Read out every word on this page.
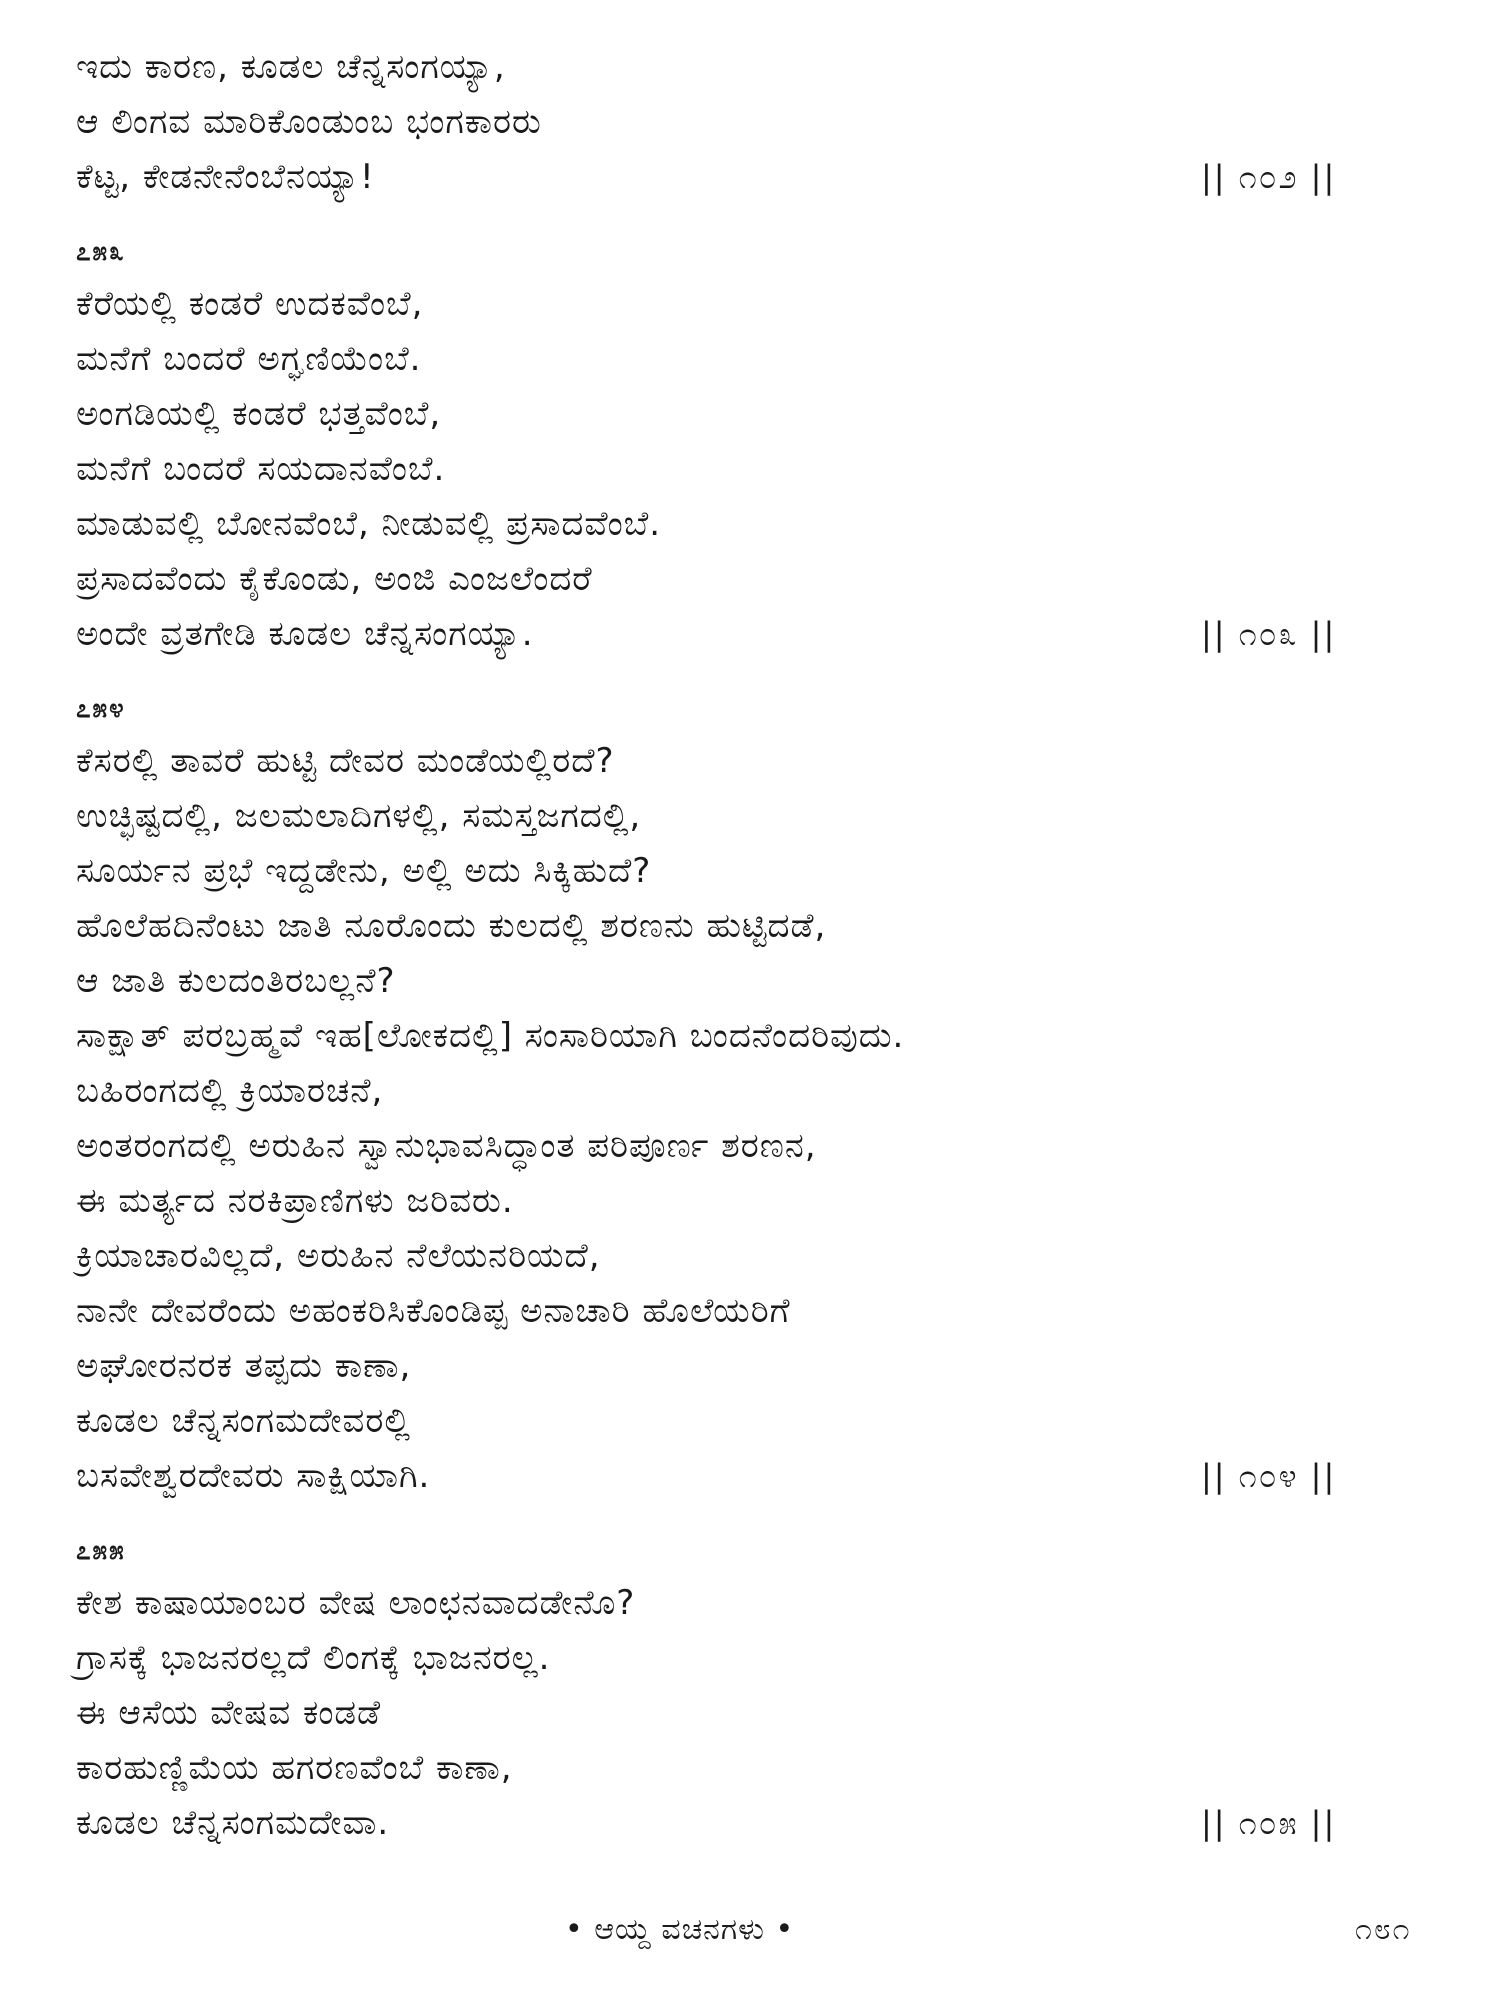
ಇದು ಕಾರಣ, ಕೂಡಲ ಚೆನ್ನಸಂಗಯ್ಯಾ,
ಆ ಲಿಂಗವ ಮಾರಿಕೊಂಡುಂಬ ಭಂಗಕಾರರು
ಕೆಟ್ಟ, ಕೇಡನೇನೆಂಬೆನಯ್ಯಾ!	|| ೧೦೨ ||
೭೫೩
ಕೆರೆಯಲ್ಲಿ ಕಂಡರೆ ಉದಕವೆಂಬೆ,
ಮನೆಗೆ ಬಂದರೆ ಅಗ್ಘಣಿಯೆಂಬೆ.
ಅಂಗಡಿಯಲ್ಲಿ ಕಂಡರೆ ಭತ್ತವೆಂಬೆ,
ಮನೆಗೆ ಬಂದರೆ ಸಯದಾನವೆಂಬೆ.
ಮಾಡುವಲ್ಲಿ ಬೋನವೆಂಬೆ, ನೀಡುವಲ್ಲಿ ಪ್ರಸಾದವೆಂಬೆ.
ಪ್ರಸಾದವೆಂದು ಕೈಕೊಂಡು, ಅಂಜಿ ಎಂಜಲೆಂದರೆ
ಅಂದೇ ವ್ರತಗೇಡಿ ಕೂಡಲ ಚೆನ್ನಸಂಗಯ್ಯಾ.	|| ೧೦೩ ||
೭೫೪
ಕೆಸರಲ್ಲಿ ತಾವರೆ ಹುಟ್ಟಿ ದೇವರ ಮಂಡೆಯಲ್ಲಿರದೆ?
ಉಚ್ಛಿಷ್ಟದಲ್ಲಿ, ಜಲಮಲಾದಿಗಳಲ್ಲಿ, ಸಮಸ್ತಜಗದಲ್ಲಿ,
ಸೂರ್ಯನ ಪ್ರಭೆ ಇದ್ದಡೇನು, ಅಲ್ಲಿ ಅದು ಸಿಕ್ಕಿಹುದೆ?
ಹೊಲೆಹದಿನೆಂಟು ಜಾತಿ ನೂರೊಂದು ಕುಲದಲ್ಲಿ ಶರಣನು ಹುಟ್ಟಿದಡೆ,
ಆ ಜಾತಿ ಕುಲದಂತಿರಬಲ್ಲನೆ?
ಸಾಕ್ಷಾತ್ ಪರಬ್ರಹ್ಮವೆ ಇಹ[ಲೋಕದಲ್ಲಿ] ಸಂಸಾರಿಯಾಗಿ ಬಂದನೆಂದರಿವುದು.
ಬಹಿರಂಗದಲ್ಲಿ ಕ್ರಿಯಾರಚನೆ,
ಅಂತರಂಗದಲ್ಲಿ ಅರುಹಿನ ಸ್ವಾನುಭಾವಸಿದ್ಧಾಂತ ಪರಿಪೂರ್ಣ ಶರಣನ,
ಈ ಮರ್ತ್ಯದ ನರಕಿಪ್ರಾಣಿಗಳು ಜರಿವರು.
ಕ್ರಿಯಾಚಾರವಿಲ್ಲದೆ, ಅರುಹಿನ ನೆಲೆಯನರಿಯದೆ,
ನಾನೇ ದೇವರೆಂದು ಅಹಂಕರಿಸಿಕೊಂಡಿಪ್ಪ ಅನಾಚಾರಿ ಹೊಲೆಯರಿಗೆ
ಅಘೋರನರಕ ತಪ್ಪದು ಕಾಣಾ,
ಕೂಡಲ ಚೆನ್ನಸಂಗಮದೇವರಲ್ಲಿ
ಬಸವೇಶ್ವರದೇವರು ಸಾಕ್ಷಿಯಾಗಿ.	|| ೧೦೪ ||
೭೫೫
ಕೇಶ ಕಾಷಾಯಾಂಬರ ವೇಷ ಲಾಂಛನವಾದಡೇನೊ?
ಗ್ರಾಸಕ್ಕೆ ಭಾಜನರಲ್ಲದೆ ಲಿಂಗಕ್ಕೆ ಭಾಜನರಲ್ಲ.
ಈ ಆಸೆಯ ವೇಷವ ಕಂಡಡೆ
ಕಾರಹುಣ್ಣಿಮೆಯ ಹಗರಣವೆಂಬೆ ಕಾಣಾ,
ಕೂಡಲ ಚೆನ್ನಸಂಗಮದೇವಾ.	|| ೧೦೫ ||
• ಆಯ್ದ ವಚನಗಳು •	೧೮೧
